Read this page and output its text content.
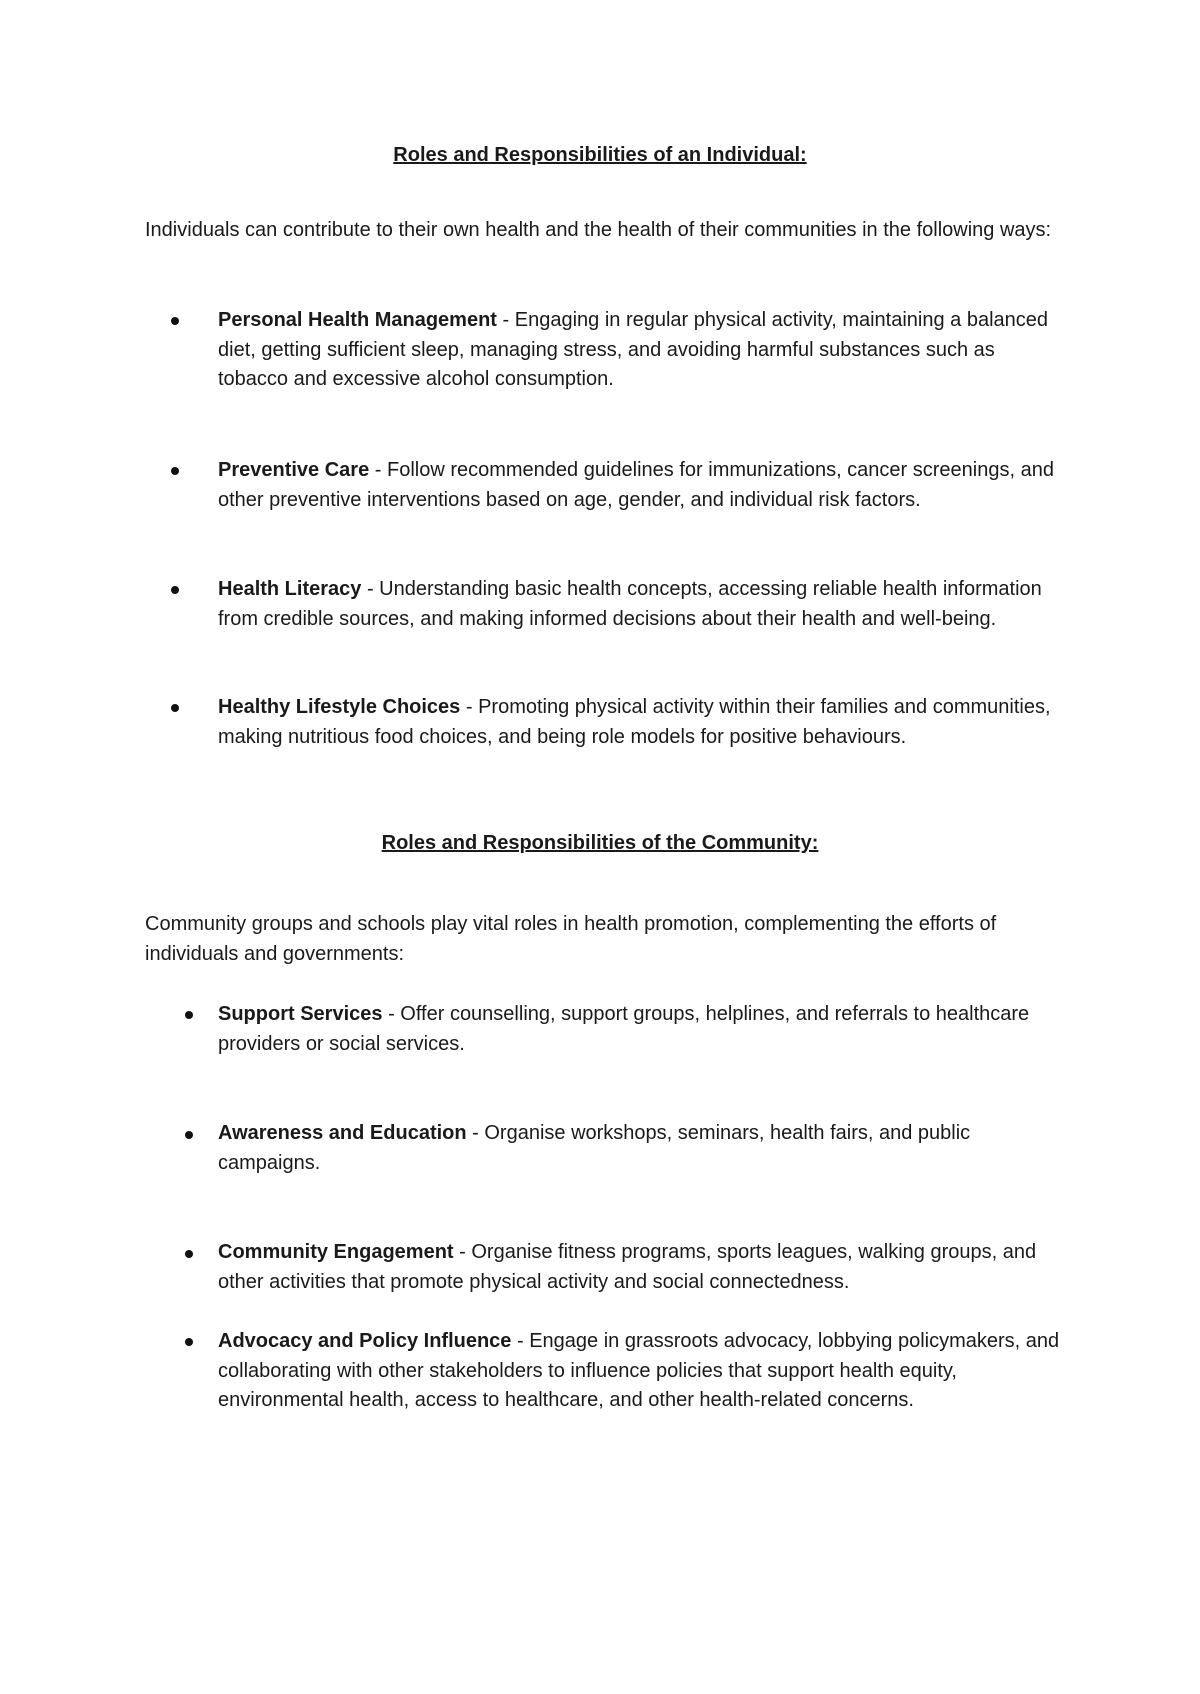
Roles and Responsibilities of an Individual:
Individuals can contribute to their own health and the health of their communities in the following ways:
Personal Health Management - Engaging in regular physical activity, maintaining a balanced diet, getting sufficient sleep, managing stress, and avoiding harmful substances such as tobacco and excessive alcohol consumption.
Preventive Care - Follow recommended guidelines for immunizations, cancer screenings, and other preventive interventions based on age, gender, and individual risk factors.
Health Literacy - Understanding basic health concepts, accessing reliable health information from credible sources, and making informed decisions about their health and well-being.
Healthy Lifestyle Choices - Promoting physical activity within their families and communities, making nutritious food choices, and being role models for positive behaviours.
Roles and Responsibilities of the Community:
Community groups and schools play vital roles in health promotion, complementing the efforts of individuals and governments:
Support Services - Offer counselling, support groups, helplines, and referrals to healthcare providers or social services.
Awareness and Education - Organise workshops, seminars, health fairs, and public campaigns.
Community Engagement - Organise fitness programs, sports leagues, walking groups, and other activities that promote physical activity and social connectedness.
Advocacy and Policy Influence - Engage in grassroots advocacy, lobbying policymakers, and collaborating with other stakeholders to influence policies that support health equity, environmental health, access to healthcare, and other health-related concerns.
